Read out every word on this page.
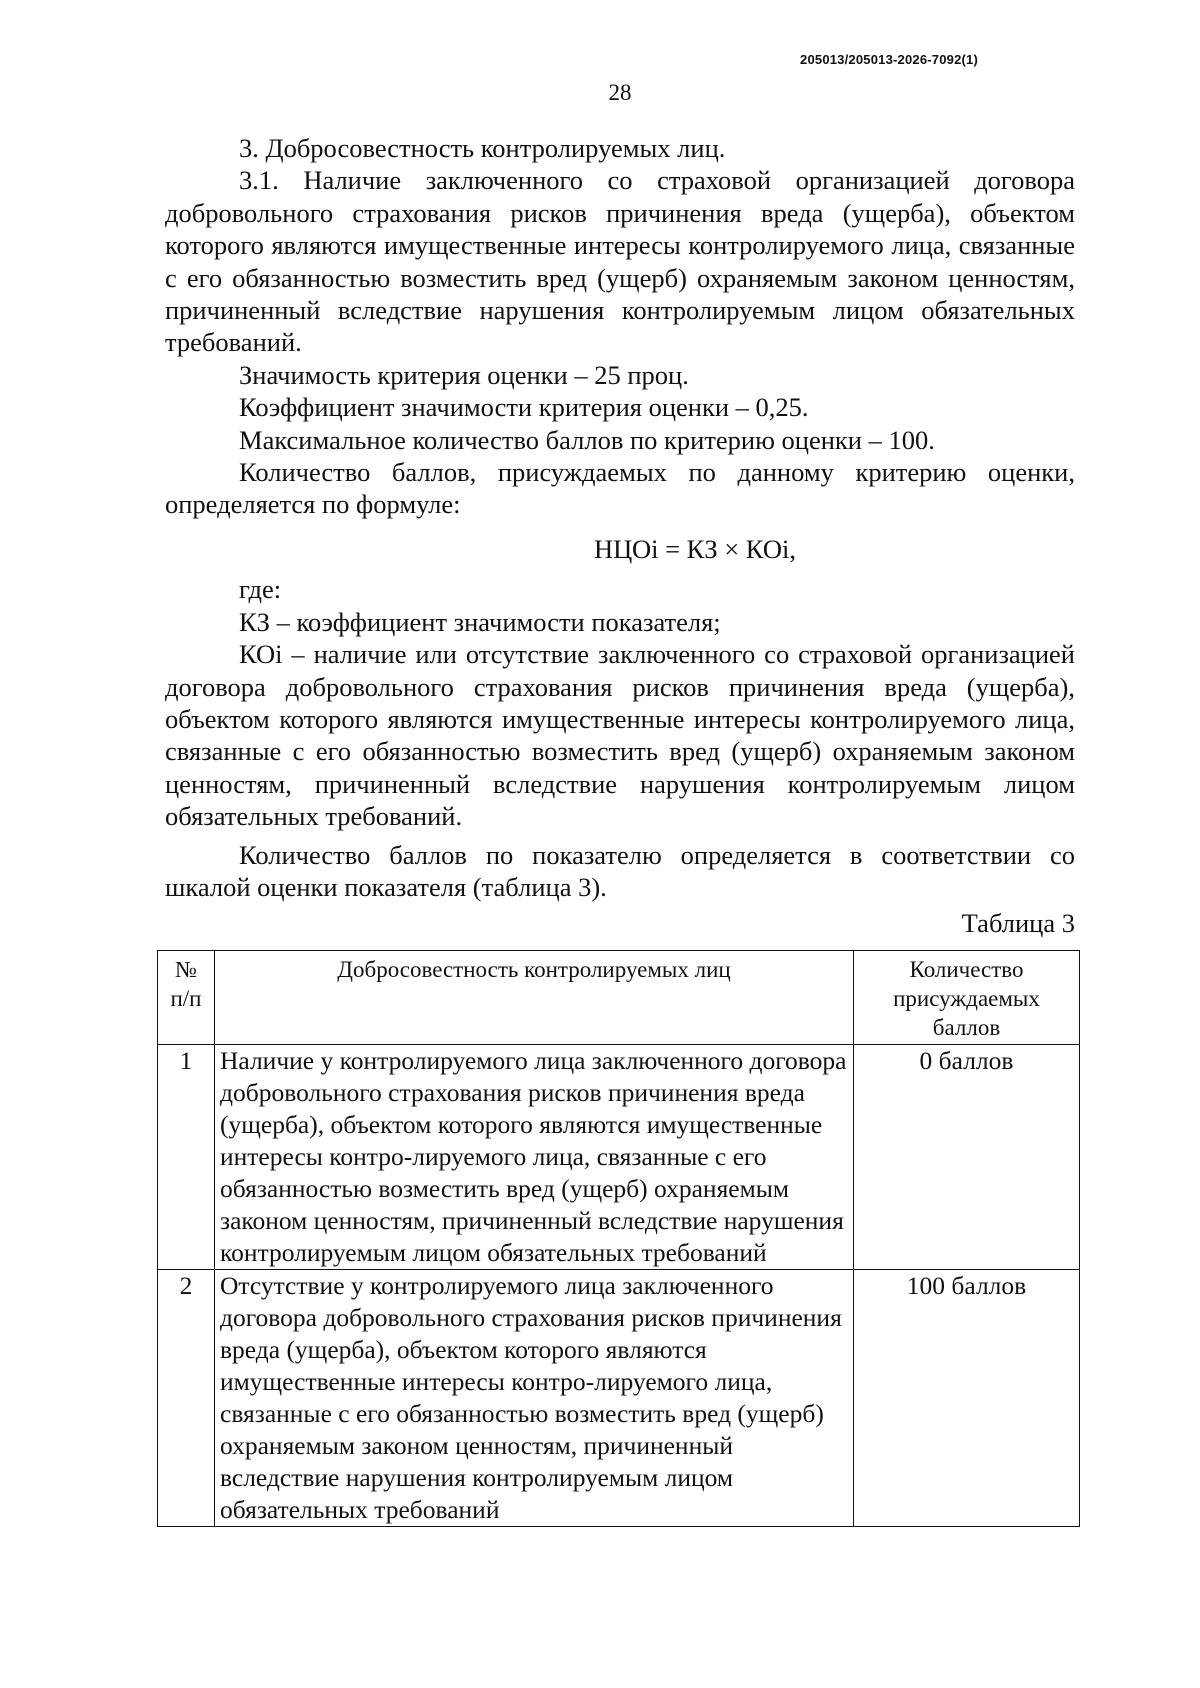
205013/205013-2026-7092(1)
28

3. Добросовестность контролируемых лиц.

3.1. Наличие заключенного со страховой организацией договора добровольного страхования рисков причинения вреда (ущерба), объектом которого являются имущественные интересы контролируемого лица, связанные с его обязанностью возместить вред (ущерб) охраняемым законом ценностям, причиненный вследствие нарушения контролируемым лицом обязательных требований.

Значимость критерия оценки – 25 проц.

Коэффициент значимости критерия оценки – 0,25.

Максимальное количество баллов по критерию оценки – 100.

Количество баллов, присуждаемых по данному критерию оценки, определяется по формуле:

НЦОi = КЗ × КОi,

где:

КЗ – коэффициент значимости показателя;

КОi – наличие или отсутствие заключенного со страховой организацией договора добровольного страхования рисков причинения вреда (ущерба), объектом которого являются имущественные интересы контролируемого лица, связанные с его обязанностью возместить вред (ущерб) охраняемым законом ценностям, причиненный вследствие нарушения контролируемым лицом обязательных требований.

Количество баллов по показателю определяется в соответствии со шкалой оценки показателя (таблица 3).

Таблица 3

№ п/п	Добросовестность контролируемых лиц	Количество присуждаемых баллов
1	Наличие у контролируемого лица заключенного договора добровольного страхования рисков причинения вреда (ущерба), объектом которого являются имущественные интересы контро-лируемого лица, связанные с его обязанностью возместить вред (ущерб) охраняемым законом ценностям, причиненный вследствие нарушения контролируемым лицом обязательных требований	0 баллов
2	Отсутствие у контролируемого лица заключенного договора добровольного страхования рисков причинения вреда (ущерба), объектом которого являются имущественные интересы контро-лируемого лица, связанные с его обязанностью возместить вред (ущерб) охраняемым законом ценностям, причиненный вследствие нарушения контролируемым лицом обязательных требований	100 баллов
